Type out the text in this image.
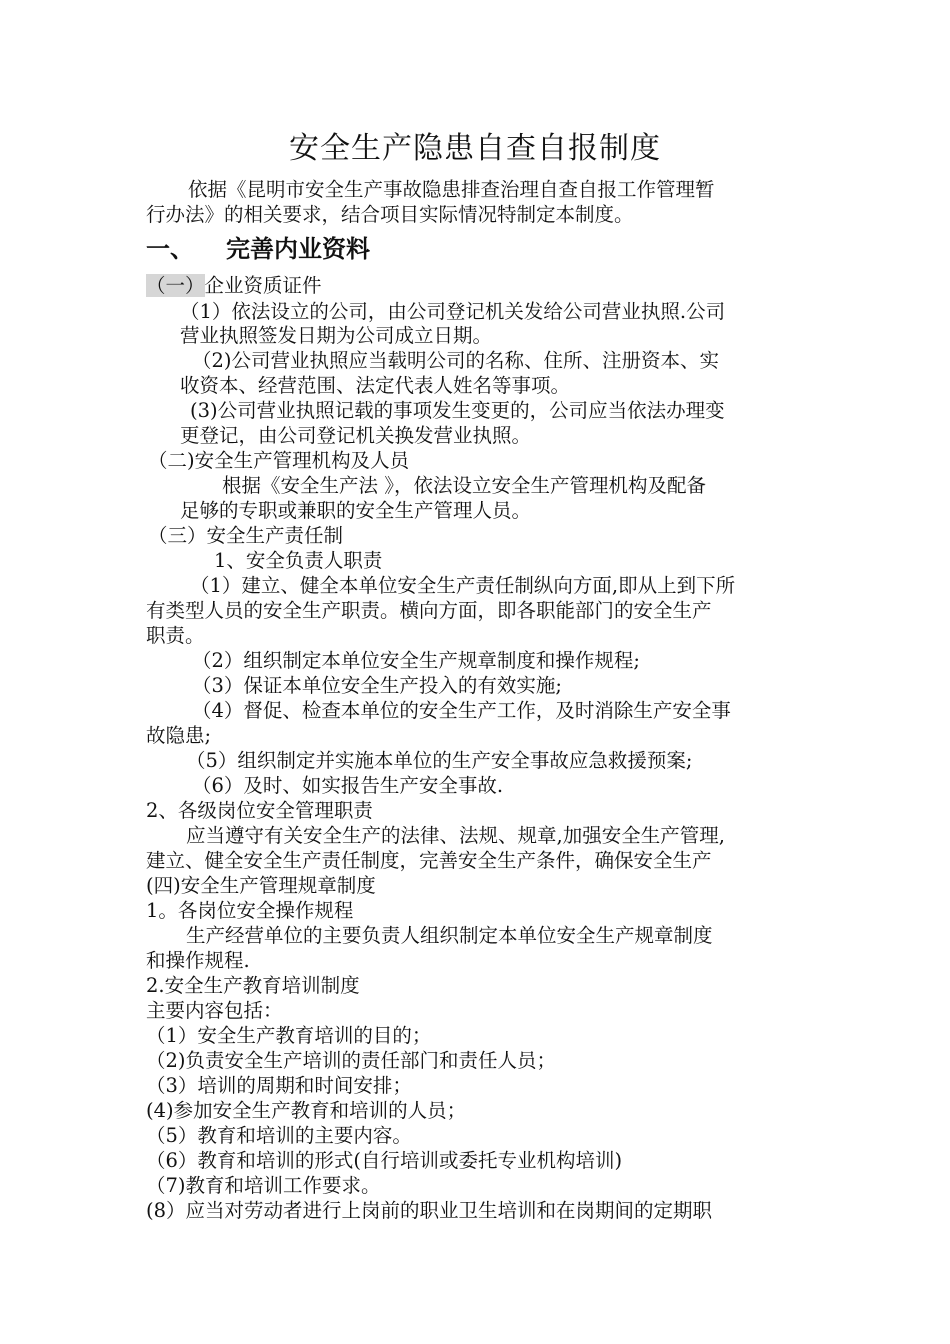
安全生产隐患自查自报制度
依据《昆明市安全生产事故隐患排查治理自查自报工作管理暂
行办法》的相关要求，结合项目实际情况特制定本制度。
一、 完善内业资料
（一）企业资质证件
（1）依法设立的公司，由公司登记机关发给公司营业执照.公司
营业执照签发日期为公司成立日期。
（2)公司营业执照应当载明公司的名称、住所、注册资本、实
收资本、经营范围、法定代表人姓名等事项。
(3)公司营业执照记载的事项发生变更的，公司应当依法办理变
更登记，由公司登记机关换发营业执照。
（二)安全生产管理机构及人员
根据《安全生产法 》，依法设立安全生产管理机构及配备
足够的专职或兼职的安全生产管理人员。
（三）安全生产责任制
1、安全负责人职责
（1）建立、健全本单位安全生产责任制纵向方面,即从上到下所
有类型人员的安全生产职责。横向方面，即各职能部门的安全生产
职责。
（2）组织制定本单位安全生产规章制度和操作规程;
（3）保证本单位安全生产投入的有效实施;
（4）督促、检查本单位的安全生产工作，及时消除生产安全事
故隐患;
（5）组织制定并实施本单位的生产安全事故应急救援预案;
（6）及时、如实报告生产安全事故.
2、各级岗位安全管理职责
应当遵守有关安全生产的法律、法规、规章,加强安全生产管理,
建立、健全安全生产责任制度，完善安全生产条件，确保安全生产
(四)安全生产管理规章制度
1。各岗位安全操作规程
生产经营单位的主要负责人组织制定本单位安全生产规章制度
和操作规程.
2.安全生产教育培训制度
主要内容包括：
（1）安全生产教育培训的目的；
（2)负责安全生产培训的责任部门和责任人员；
（3）培训的周期和时间安排；
(4)参加安全生产教育和培训的人员；
（5）教育和培训的主要内容。
（6）教育和培训的形式(自行培训或委托专业机构培训)
（7)教育和培训工作要求。
(8）应当对劳动者进行上岗前的职业卫生培训和在岗期间的定期职
